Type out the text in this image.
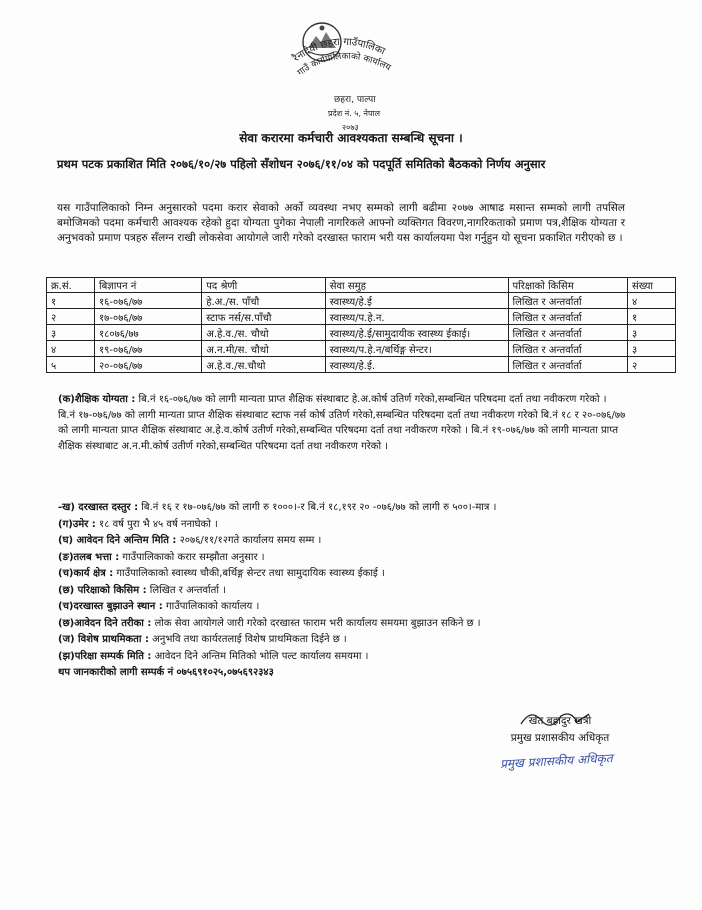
रैनादेवी छहरा गाउँपालिका
गाउँ कार्यपालिकाको कार्यालय
छहरा, पाल्पा
प्रदेश नं. ५, नेपाल
२०७३
सेवा करारमा कर्मचारी आवश्यकता सम्बन्धि सूचना ।
प्रथम पटक प्रकाशित मिति २०७६/१०/२७ पहिलो सँशोधन २०७६/११/०४ को पदपूर्ति समितिको बैठकको निर्णय अनुसार
यस गाउँपालिकाको निम्न अनुसारको पदमा करार सेवाको अर्को व्यवस्था नभए सम्मको लागी बढीमा २०७७ आषाढ मसान्त सम्मको लागी तपसिल बमोजिमको पदमा कर्मचारी आवश्यक रहेको हुदा योग्यता पुगेका नेपाली नागरिकले आफ्नो व्यक्तिगत विवरण,नागरिकताको प्रमाण पत्र,शैक्षिक योग्यता र अनुभवको प्रमाण पत्रहरु सँलग्न राखी लोकसेवा आयोगले जारी गरेको दरखास्त फाराम भरी यस कार्यालयमा पेश गर्नुहुन यो सूचना प्रकाशित गरीएको छ ।
क्र.सं.	बिज्ञापन नं	पद श्रेणी	सेवा समुह	परिक्षाको किसिम	संख्या
१	१६-०७६/७७	हे.अ./स. पाँचौ	स्वास्थ्य/हे.ई	लिखित र अन्तर्वार्ता	४
२	१७-०७६/७७	स्टाफ नर्स/स.पाँचौ	स्वास्थ्य/प.हे.न.	लिखित र अन्तर्वार्ता	१
३	१८०७६/७७	अ.हे.व./स. चौथो	स्वास्थ्य/हे.ई/सामुदायीक स्वास्थ्य ईकाई।	लिखित र अन्तर्वार्ता	३
४	१९-०७६/७७	अ.न.मी/स. चौथो	स्वास्थ्य/प.हे.न/बर्थिङ्ग सेन्टर।	लिखित र अन्तर्वार्ता	३
५	२०-०७६/७७	अ.हे.व./स.चौथो	स्वास्थ्य/हे.ई.	लिखित र अन्तर्वार्ता	२
(क)शैक्षिक योग्यता : बि.नं १६-०७६/७७ को लागी मान्यता प्राप्त शैक्षिक संस्थाबाट हे.अ.कोर्ष उतिर्ण गरेको,सम्बन्धित परिषदमा दर्ता तथा नवीकरण गरेको । बि.नं १७-०७६/७७ को लागी मान्यता प्राप्त शैक्षिक संस्थाबाट स्टाफ नर्स कोर्ष उतिर्ण गरेको,सम्बन्धित परिषदमा दर्ता तथा नवीकरण गरेको बि.नं १८ र २०-०७६/७७ को लागी मान्यता प्राप्त शैक्षिक संस्थाबाट अ.हे.व.कोर्ष उतीर्ण गरेको,सम्बन्धित परिषदमा दर्ता तथा नवीकरण गरेको । बि.नं १९-०७६/७७ को लागी मान्यता प्राप्त शैक्षिक संस्थाबाट अ.न.मी.कोर्ष उतीर्ण गरेको,सम्बन्धित परिषदमा दर्ता तथा नवीकरण गरेको ।
-ख) दरखास्त दस्तुर : बि.नं १६ र १७-०७६/७७ को लागी रु १०००।-र बि.नं १८,१९र २० -०७६/७७ को लागी रु ५००।-मात्र ।
(ग)उमेर : १८ वर्ष पुरा भै ४५ वर्ष ननाघेको ।
(घ) आवेदन दिने अन्तिम मिति : २०७६/११/१२गते कार्यालय समय सम्म ।
(ङ)तलब भत्ता : गाउँपालिकाको करार सम्झौता अनुसार ।
(च)कार्य क्षेत्र : गाउँपालिकाको स्वास्थ्य चौकी,बर्थिङ्ग सेन्टर तथा सामुदायिक स्वास्थ्य ईकाई ।
(छ) परिक्षाको किसिम : लिखित र अन्तर्वार्ता ।
(च)दरखास्त बुझाउने स्थान : गाउँपालिकाको कार्यालय ।
(छ)आवेदन दिने तरीका : लोक सेवा आयोगले जारी गरेको दरखास्त फाराम भरी कार्यालय समयमा बुझाउन सकिने छ ।
(ज) विशेष प्राथमिकता : अनुभवि तथा कार्यरतलाई विशेष प्राथमिकता दिईने छ ।
(झ)परिक्षा सम्पर्क मिति : आवेदन दिने अन्तिम मितिको भोलि पल्ट कार्यालय समयमा ।
थप जानकारीको लागी सम्पर्क नं ०७५६९१०२५,०७५६९२३४३
खेत बहादुर खत्री
प्रमुख प्रशासकीय अधिकृत
प्रमुख प्रशासकीय अधिकृत
